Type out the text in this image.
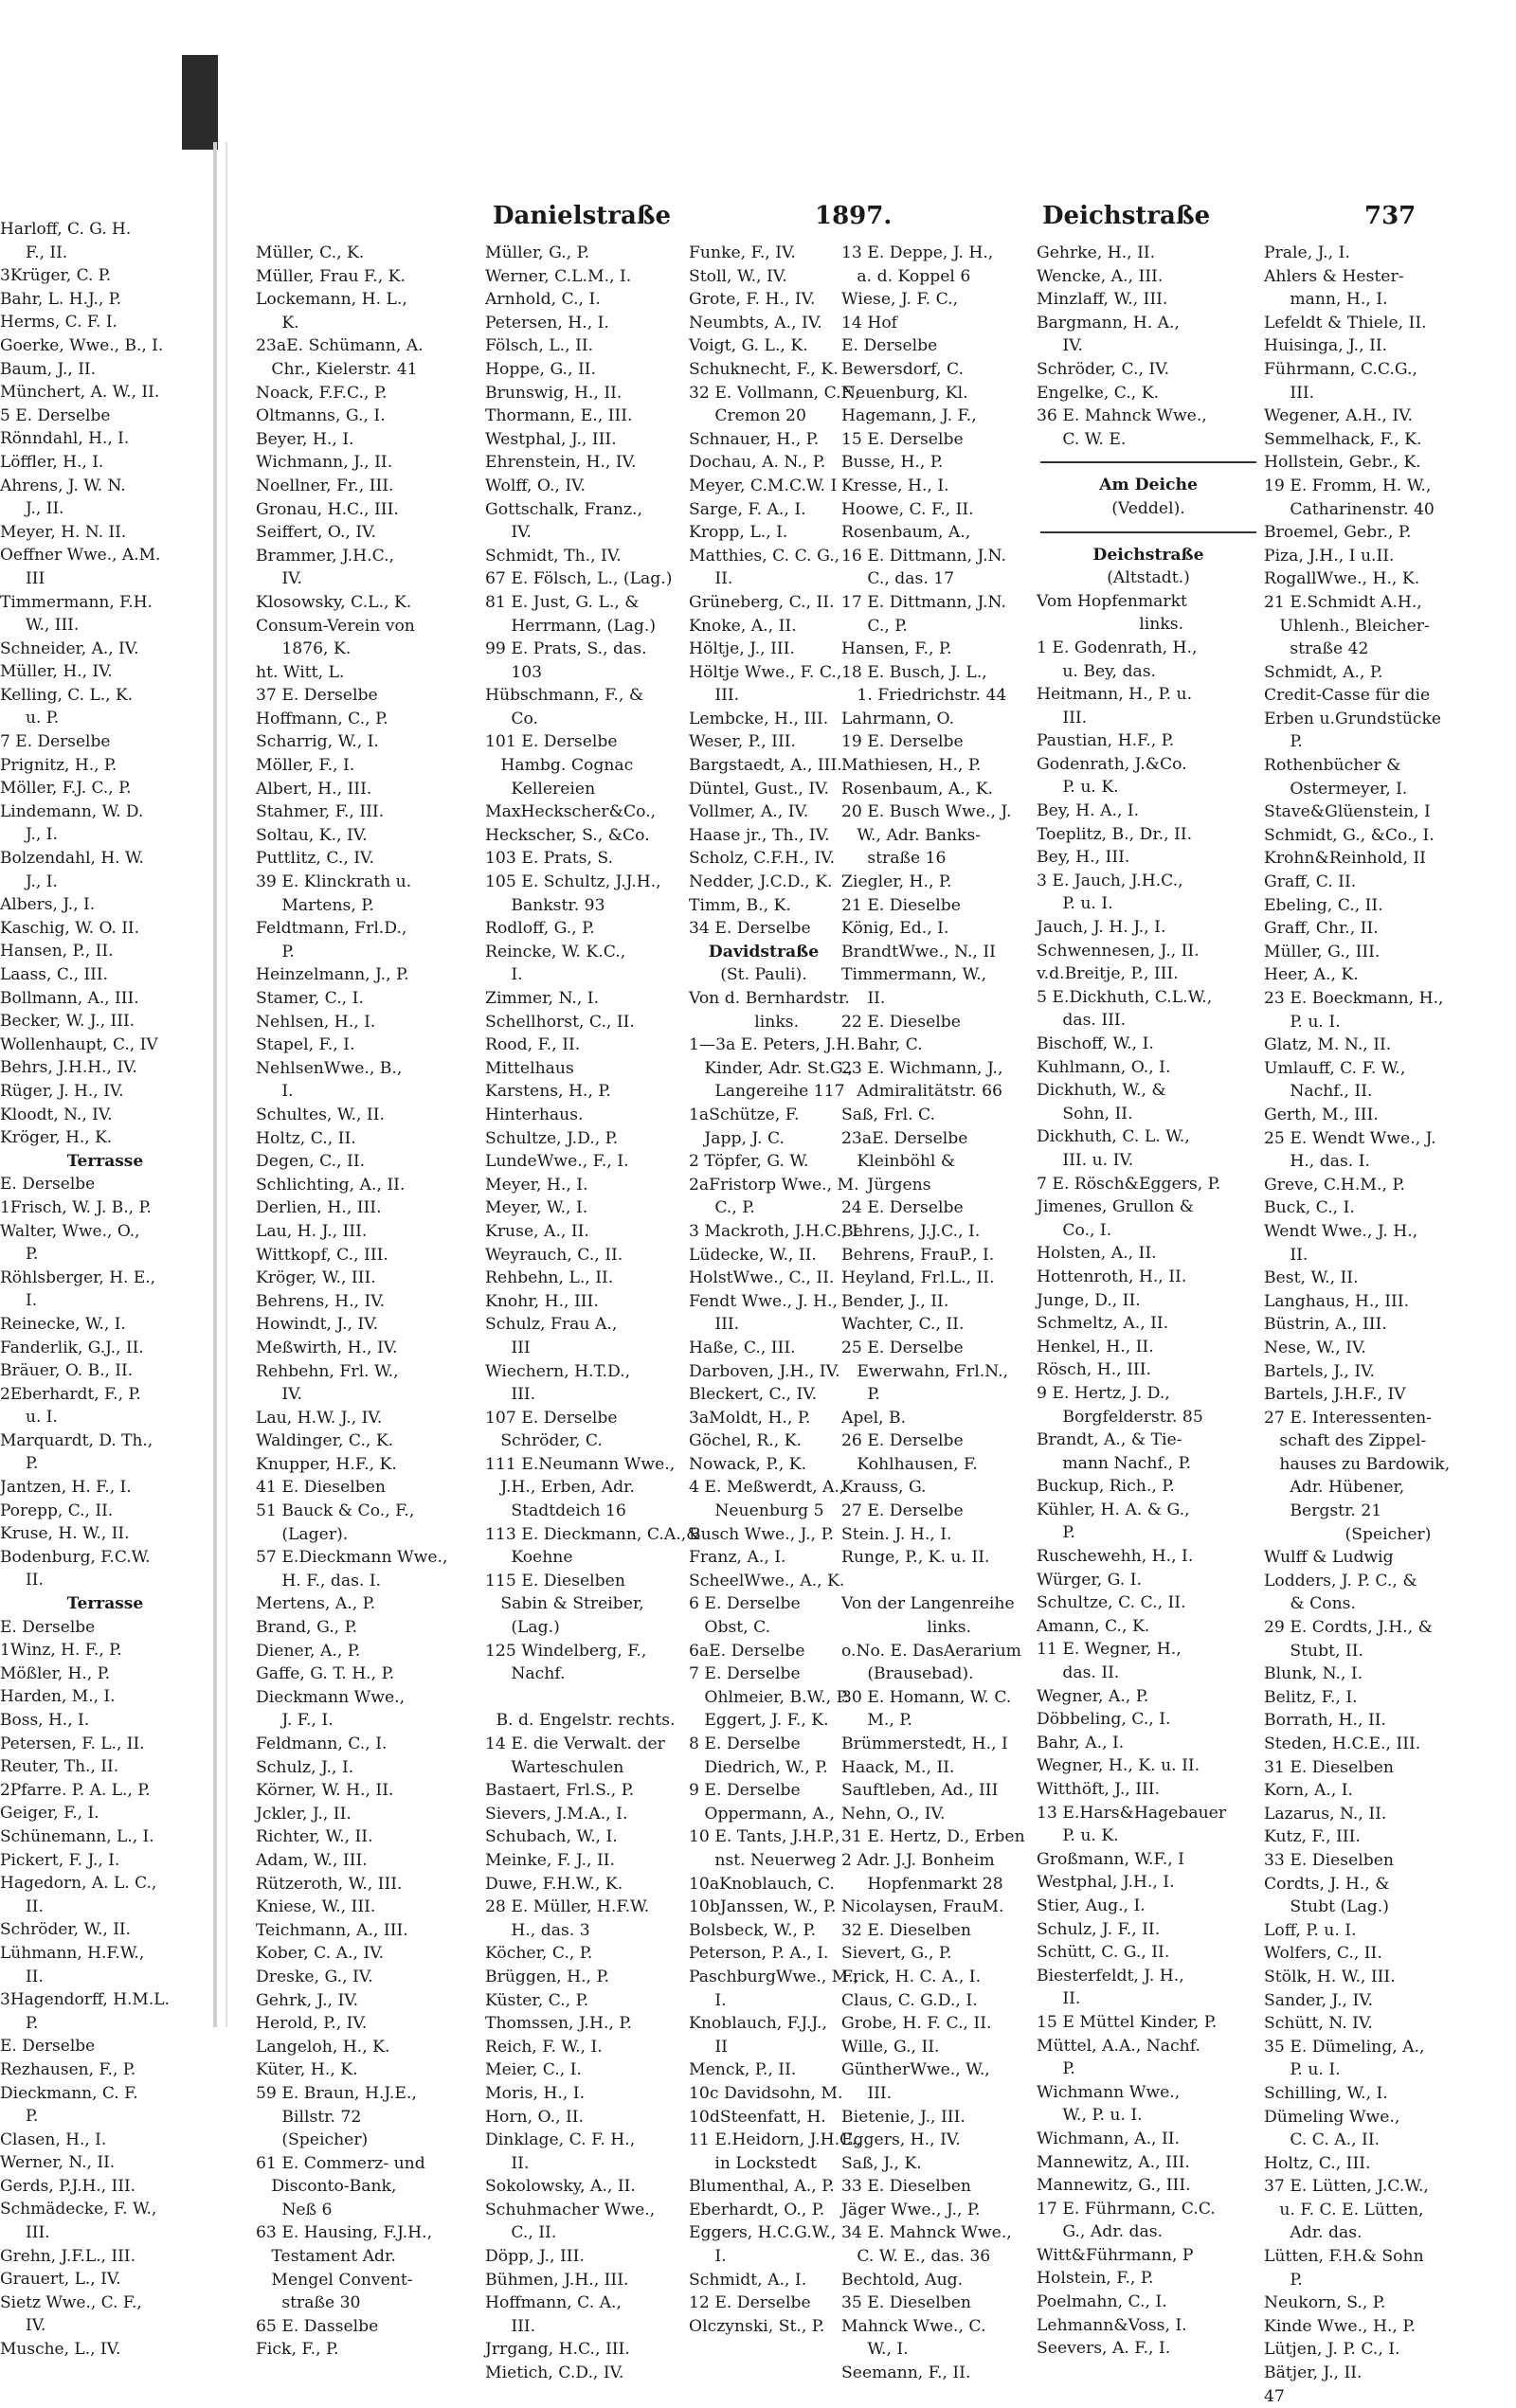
Harloff, C. G. H.
F., II.
3Krüger, C. P.
Bahr, L. H.J., P.
Herms, C. F. I.
Goerke, Wwe., B., I.
Baum, J., II.
Münchert, A. W., II.
5 E. Derselbe
Rönndahl, H., I.
Löffler, H., I.
Ahrens, J. W. N.
J., II.
Meyer, H. N. II.
Oeffner Wwe., A.M.
III
Timmermann, F.H.
W., III.
Schneider, A., IV.
Müller, H., IV.
Kelling, C. L., K.
u. P.
7 E. Derselbe
Prignitz, H., P.
Möller, F.J. C., P.
Lindemann, W. D.
J., I.
Bolzendahl, H. W.
J., I.
Albers, J., I.
Kaschig, W. O. II.
Hansen, P., II.
Laass, C., III.
Bollmann, A., III.
Becker, W. J., III.
Wollenhaupt, C., IV
Behrs, J.H.H., IV.
Rüger, J. H., IV.
Kloodt, N., IV.
Kröger, H., K.
Terrasse
E. Derselbe
1Frisch, W. J. B., P.
Walter, Wwe., O.,
P.
Röhlsberger, H. E.,
I.
Reinecke, W., I.
Fanderlik, G.J., II.
Bräuer, O. B., II.
2Eberhardt, F., P.
u. I.
Marquardt, D. Th.,
P.
Jantzen, H. F., I.
Porepp, C., II.
Kruse, H. W., II.
Bodenburg, F.C.W.
II.
Terrasse
E. Derselbe
1Winz, H. F., P.
Mößler, H., P.
Harden, M., I.
Boss, H., I.
Petersen, F. L., II.
Reuter, Th., II.
2Pfarre. P. A. L., P.
Geiger, F., I.
Schünemann, L., I.
Pickert, F. J., I.
Hagedorn, A. L. C.,
II.
Schröder, W., II.
Lühmann, H.F.W.,
II.
3Hagendorff, H.M.L.
P.
E. Derselbe
Rezhausen, F., P.
Dieckmann, C. F.
P.
Clasen, H., I.
Werner, N., II.
Gerds, P.J.H., III.
Schmädecke, F. W.,
III.
Grehn, J.F.L., III.
Grauert, L., IV.
Sietz Wwe., C. F.,
IV.
Musche, L., IV.
Danielstraße	1897.	Deichstraße	737
Müller, C., K.
Müller, Frau F., K.
Lockemann, H. L.,
K.
23aE. Schümann, A.
Chr., Kielerstr. 41
Noack, F.F.C., P.
Oltmanns, G., I.
Beyer, H., I.
Wichmann, J., II.
Noellner, Fr., III.
Gronau, H.C., III.
Seiffert, O., IV.
Brammer, J.H.C.,
IV.
Klosowsky, C.L., K.
Consum-Verein von
1876, K.
ht. Witt, L.
37 E. Derselbe
Hoffmann, C., P.
Scharrig, W., I.
Möller, F., I.
Albert, H., III.
Stahmer, F., III.
Soltau, K., IV.
Puttlitz, C., IV.
39 E. Klinckrath u.
Martens, P.
Feldtmann, Frl.D.,
P.
Heinzelmann, J., P.
Stamer, C., I.
Nehlsen, H., I.
Stapel, F., I.
NehlsenWwe., B.,
I.
Schultes, W., II.
Holtz, C., II.
Degen, C., II.
Schlichting, A., II.
Derlien, H., III.
Lau, H. J., III.
Wittkopf, C., III.
Kröger, W., III.
Behrens, H., IV.
Howindt, J., IV.
Meßwirth, H., IV.
Rehbehn, Frl. W.,
IV.
Lau, H.W. J., IV.
Waldinger, C., K.
Knupper, H.F., K.
41 E. Dieselben
51 Bauck & Co., F.,
(Lager).
57 E.Dieckmann Wwe.,
H. F., das. I.
Mertens, A., P.
Brand, G., P.
Diener, A., P.
Gaffe, G. T. H., P.
Dieckmann Wwe.,
J. F., I.
Feldmann, C., I.
Schulz, J., I.
Körner, W. H., II.
Jckler, J., II.
Richter, W., II.
Adam, W., III.
Rützeroth, W., III.
Kniese, W., III.
Teichmann, A., III.
Kober, C. A., IV.
Dreske, G., IV.
Gehrk, J., IV.
Herold, P., IV.
Langeloh, H., K.
Küter, H., K.
59 E. Braun, H.J.E.,
Billstr. 72
(Speicher)
61 E. Commerz- und
Disconto-Bank,
Neß 6
63 E. Hausing, F.J.H.,
Testament Adr.
Mengel Convent-
straße 30
65 E. Dasselbe
Fick, F., P.
Müller, G., P.
Werner, C.L.M., I.
Arnhold, C., I.
Petersen, H., I.
Fölsch, L., II.
Hoppe, G., II.
Brunswig, H., II.
Thormann, E., III.
Westphal, J., III.
Ehrenstein, H., IV.
Wolff, O., IV.
Gottschalk, Franz.,
IV.
Schmidt, Th., IV.
67 E. Fölsch, L., (Lag.)
81 E. Just, G. L., &
Herrmann, (Lag.)
99 E. Prats, S., das.
103
Hübschmann, F., &
Co.
101 E. Derselbe
Hambg. Cognac
Kellereien
MaxHeckscher&Co.,
Heckscher, S., &Co.
103 E. Prats, S.
105 E. Schultz, J.J.H.,
Bankstr. 93
Rodloff, G., P.
Reincke, W. K.C.,
I.
Zimmer, N., I.
Schellhorst, C., II.
Rood, F., II.
Mittelhaus
Karstens, H., P.
Hinterhaus.
Schultze, J.D., P.
LundeWwe., F., I.
Meyer, H., I.
Meyer, W., I.
Kruse, A., II.
Weyrauch, C., II.
Rehbehn, L., II.
Knohr, H., III.
Schulz, Frau A.,
III
Wiechern, H.T.D.,
III.
107 E. Derselbe
Schröder, C.
111 E.Neumann Wwe.,
J.H., Erben, Adr.
Stadtdeich 16
113 E. Dieckmann, C.A.,&
Koehne
115 E. Dieselben
Sabin & Streiber,
(Lag.)
125 Windelberg, F.,
Nachf.
B. d. Engelstr. rechts.
14 E. die Verwalt. der
Warteschulen
Bastaert, Frl.S., P.
Sievers, J.M.A., I.
Schubach, W., I.
Meinke, F. J., II.
Duwe, F.H.W., K.
28 E. Müller, H.F.W.
H., das. 3
Köcher, C., P.
Brüggen, H., P.
Küster, C., P.
Thomssen, J.H., P.
Reich, F. W., I.
Meier, C., I.
Moris, H., I.
Horn, O., II.
Dinklage, C. F. H.,
II.
Sokolowsky, A., II.
Schuhmacher Wwe.,
C., II.
Döpp, J., III.
Bühmen, J.H., III.
Hoffmann, C. A.,
III.
Jrrgang, H.C., III.
Mietich, C.D., IV.
Funke, F., IV.
Stoll, W., IV.
Grote, F. H., IV.
Neumbts, A., IV.
Voigt, G. L., K.
Schuknecht, F., K.
32 E. Vollmann, C.F.,
Cremon 20
Schnauer, H., P.
Dochau, A. N., P.
Meyer, C.M.C.W. I
Sarge, F. A., I.
Kropp, L., I.
Matthies, C. C. G.,
II.
Grüneberg, C., II.
Knoke, A., II.
Höltje, J., III.
Höltje Wwe., F. C.,
III.
Lembcke, H., III.
Weser, P., III.
Bargstaedt, A., III.
Düntel, Gust., IV.
Vollmer, A., IV.
Haase jr., Th., IV.
Scholz, C.F.H., IV.
Nedder, J.C.D., K.
Timm, B., K.
34 E. Derselbe
Davidstraße
(St. Pauli).
Von d. Bernhardstr.
links.
1—3a E. Peters, J.H.
Kinder, Adr. St.G.,
Langereihe 117
1aSchütze, F.
Japp, J. C.
2 Töpfer, G. W.
2aFristorp Wwe., M.
C., P.
3 Mackroth, J.H.C., I.
Lüdecke, W., II.
HolstWwe., C., II.
Fendt Wwe., J. H.,
III.
Haße, C., III.
Darboven, J.H., IV.
Bleckert, C., IV.
3aMoldt, H., P.
Göchel, R., K.
Nowack, P., K.
4 E. Meßwerdt, A.,
Neuenburg 5
Busch Wwe., J., P.
Franz, A., I.
ScheelWwe., A., K.
6 E. Derselbe
Obst, C.
6aE. Derselbe
7 E. Derselbe
Ohlmeier, B.W., P.
Eggert, J. F., K.
8 E. Derselbe
Diedrich, W., P.
9 E. Derselbe
Oppermann, A.,
10 E. Tants, J.H.P.,
nst. Neuerweg 2
10aKnoblauch, C.
10bJanssen, W., P.
Bolsbeck, W., P.
Peterson, P. A., I.
PaschburgWwe., M.,
I.
Knoblauch, F.J.J.,
II
Menck, P., II.
10c Davidsohn, M.
10dSteenfatt, H.
11 E.Heidorn, J.H.C.,
in Lockstedt
Blumenthal, A., P.
Eberhardt, O., P.
Eggers, H.C.G.W.,
I.
Schmidt, A., I.
12 E. Derselbe
Olczynski, St., P.
13 E. Deppe, J. H.,
a. d. Koppel 6
Wiese, J. F. C.,
14 Hof
E. Derselbe
Bewersdorf, C.
Neuenburg, Kl.
Hagemann, J. F.,
15 E. Derselbe
Busse, H., P.
Kresse, H., I.
Hoowe, C. F., II.
Rosenbaum, A.,
16 E. Dittmann, J.N.
C., das. 17
17 E. Dittmann, J.N.
C., P.
Hansen, F., P.
18 E. Busch, J. L.,
1. Friedrichstr. 44
Lahrmann, O.
19 E. Derselbe
Mathiesen, H., P.
Rosenbaum, A., K.
20 E. Busch Wwe., J.
W., Adr. Banks-
straße 16
Ziegler, H., P.
21 E. Dieselbe
König, Ed., I.
BrandtWwe., N., II
Timmermann, W.,
II.
22 E. Dieselbe
Bahr, C.
23 E. Wichmann, J.,
Admiralitätstr. 66
Saß, Frl. C.
23aE. Derselbe
Kleinböhl &
Jürgens
24 E. Derselbe
Behrens, J.J.C., I.
Behrens, FrauP., I.
Heyland, Frl.L., II.
Bender, J., II.
Wachter, C., II.
25 E. Derselbe
Ewerwahn, Frl.N.,
P.
Apel, B.
26 E. Derselbe
Kohlhausen, F.
Krauss, G.
27 E. Derselbe
Stein. J. H., I.
Runge, P., K. u. II.
Von der Langenreihe
links.
o.No. E. DasAerarium
(Brausebad).
30 E. Homann, W. C.
M., P.
Brümmerstedt, H., I
Haack, M., II.
Sauftleben, Ad., III
Nehn, O., IV.
31 E. Hertz, D., Erben
Adr. J.J. Bonheim
Hopfenmarkt 28
Nicolaysen, FrauM.
32 E. Dieselben
Sievert, G., P.
Frick, H. C. A., I.
Claus, C. G.D., I.
Grobe, H. F. C., II.
Wille, G., II.
GüntherWwe., W.,
III.
Bietenie, J., III.
Eggers, H., IV.
Saß, J., K.
33 E. Dieselben
Jäger Wwe., J., P.
34 E. Mahnck Wwe.,
C. W. E., das. 36
Bechtold, Aug.
35 E. Dieselben
Mahnck Wwe., C.
W., I.
Seemann, F., II.
Gehrke, H., II.
Wencke, A., III.
Minzlaff, W., III.
Bargmann, H. A.,
IV.
Schröder, C., IV.
Engelke, C., K.
36 E. Mahnck Wwe.,
C. W. E.
Am Deiche
(Veddel).
Deichstraße
(Altstadt.)
Vom Hopfenmarkt
links.
1 E. Godenrath, H.,
u. Bey, das.
Heitmann, H., P. u.
III.
Paustian, H.F., P.
Godenrath, J.&Co.
P. u. K.
Bey, H. A., I.
Toeplitz, B., Dr., II.
Bey, H., III.
3 E. Jauch, J.H.C.,
P. u. I.
Jauch, J. H. J., I.
Schwennesen, J., II.
v.d.Breitje, P., III.
5 E.Dickhuth, C.L.W.,
das. III.
Bischoff, W., I.
Kuhlmann, O., I.
Dickhuth, W., &
Sohn, II.
Dickhuth, C. L. W.,
III. u. IV.
7 E. Rösch&Eggers, P.
Jimenes, Grullon &
Co., I.
Holsten, A., II.
Hottenroth, H., II.
Junge, D., II.
Schmeltz, A., II.
Henkel, H., II.
Rösch, H., III.
9 E. Hertz, J. D.,
Borgfelderstr. 85
Brandt, A., & Tie-
mann Nachf., P.
Buckup, Rich., P.
Kühler, H. A. & G.,
P.
Ruschewehh, H., I.
Würger, G. I.
Schultze, C. C., II.
Amann, C., K.
11 E. Wegner, H.,
das. II.
Wegner, A., P.
Döbbeling, C., I.
Bahr, A., I.
Wegner, H., K. u. II.
Witthöft, J., III.
13 E.Hars&Hagebauer
P. u. K.
Großmann, W.F., I
Westphal, J.H., I.
Stier, Aug., I.
Schulz, J. F., II.
Schütt, C. G., II.
Biesterfeldt, J. H.,
II.
15 E Müttel Kinder, P.
Müttel, A.A., Nachf.
P.
Wichmann Wwe.,
W., P. u. I.
Wichmann, A., II.
Mannewitz, A., III.
Mannewitz, G., III.
17 E. Führmann, C.C.
G., Adr. das.
Witt&Führmann, P
Holstein, F., P.
Poelmahn, C., I.
Lehmann&Voss, I.
Seevers, A. F., I.
Prale, J., I.
Ahlers & Hester-
mann, H., I.
Lefeldt & Thiele, II.
Huisinga, J., II.
Führmann, C.C.G.,
III.
Wegener, A.H., IV.
Semmelhack, F., K.
Hollstein, Gebr., K.
19 E. Fromm, H. W.,
Catharinenstr. 40
Broemel, Gebr., P.
Piza, J.H., I u.II.
RogallWwe., H., K.
21 E.Schmidt A.H.,
Uhlenh., Bleicher-
straße 42
Schmidt, A., P.
Credit-Casse für die
Erben u.Grundstücke
P.
Rothenbücher &
Ostermeyer, I.
Stave&Glüenstein, I
Schmidt, G., &Co., I.
Krohn&Reinhold, II
Graff, C. II.
Ebeling, C., II.
Graff, Chr., II.
Müller, G., III.
Heer, A., K.
23 E. Boeckmann, H.,
P. u. I.
Glatz, M. N., II.
Umlauff, C. F. W.,
Nachf., II.
Gerth, M., III.
25 E. Wendt Wwe., J.
H., das. I.
Greve, C.H.M., P.
Buck, C., I.
Wendt Wwe., J. H.,
II.
Best, W., II.
Langhaus, H., III.
Büstrin, A., III.
Nese, W., IV.
Bartels, J., IV.
Bartels, J.H.F., IV
27 E. Interessenten-
schaft des Zippel-
hauses zu Bardowik,
Adr. Hübener,
Bergstr. 21
(Speicher)
Wulff & Ludwig
Lodders, J. P. C., &
& Cons.
29 E. Cordts, J.H., &
Stubt, II.
Blunk, N., I.
Belitz, F., I.
Borrath, H., II.
Steden, H.C.E., III.
31 E. Dieselben
Korn, A., I.
Lazarus, N., II.
Kutz, F., III.
33 E. Dieselben
Cordts, J. H., &
Stubt (Lag.)
Loff, P. u. I.
Wolfers, C., II.
Stölk, H. W., III.
Sander, J., IV.
Schütt, N. IV.
35 E. Dümeling, A.,
P. u. I.
Schilling, W., I.
Dümeling Wwe.,
C. C. A., II.
Holtz, C., III.
37 E. Lütten, J.C.W.,
u. F. C. E. Lütten,
Adr. das.
Lütten, F.H.& Sohn
P.
Neukorn, S., P.
Kinde Wwe., H., P.
Lütjen, J. P. C., I.
Bätjer, J., II.
47
